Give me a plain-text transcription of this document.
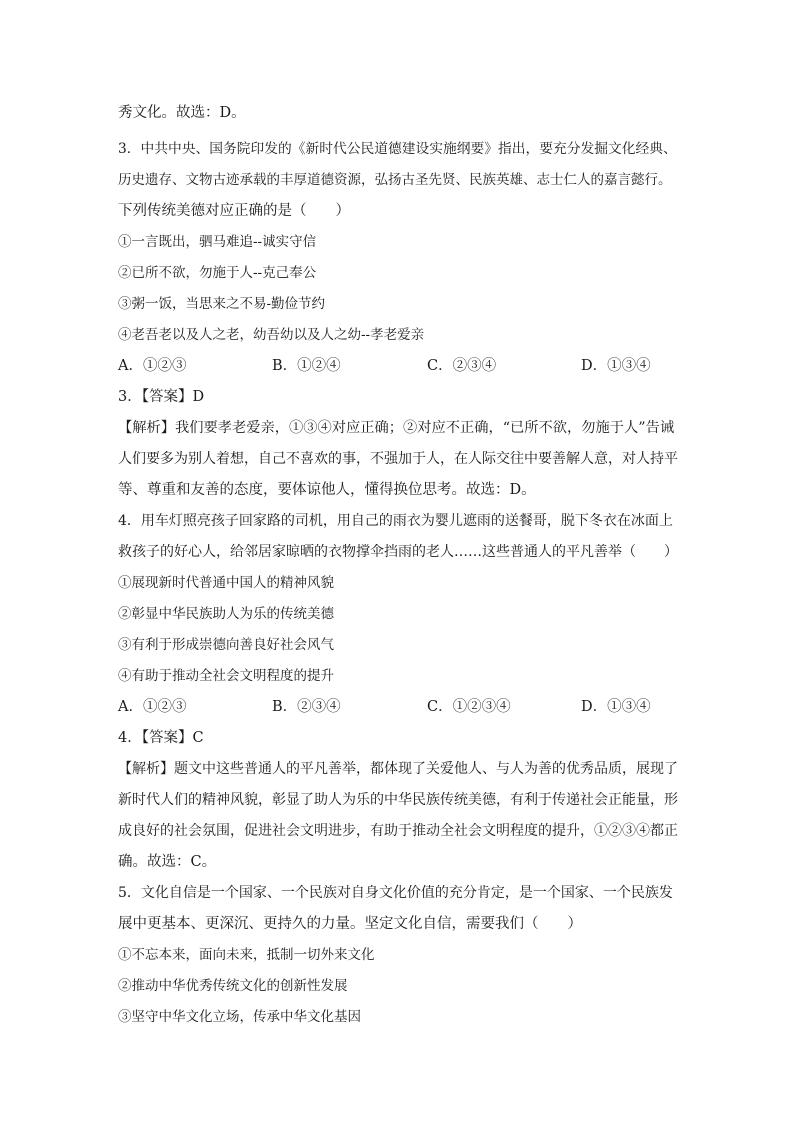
秀文化。故选：D。
3．中共中央、国务院印发的《新时代公民道德建设实施纲要》指出，要充分发掘文化经典、
历史遗存、文物古迹承载的丰厚道德资源，弘扬古圣先贤、民族英雄、志士仁人的嘉言懿行。
下列传统美德对应正确的是（　　）
①一言既出，驷马难追--诚实守信
②已所不欲，勿施于人--克己奉公
③粥一饭，当思来之不易-勤俭节约
④老吾老以及人之老，幼吾幼以及人之幼--孝老爱亲
A．①②③	B．①②④	C．②③④	D．①③④
3．【答案】D
【解析】我们要孝老爱亲，①③④对应正确；②对应不正确，“已所不欲，勿施于人”告诫
人们要多为别人着想，自己不喜欢的事，不强加于人，在人际交往中要善解人意，对人持平
等、尊重和友善的态度，要体谅他人，懂得换位思考。故选：D。
4．用车灯照亮孩子回家路的司机，用自己的雨衣为婴儿遮雨的送餐哥，脱下冬衣在冰面上
救孩子的好心人，给邻居家晾晒的衣物撑伞挡雨的老人……这些普通人的平凡善举（　　）
①展现新时代普通中国人的精神风貌
②彰显中华民族助人为乐的传统美德
③有利于形成崇德向善良好社会风气
④有助于推动全社会文明程度的提升
A．①②③	B．②③④	C．①②③④	D．①③④
4．【答案】C
【解析】题文中这些普通人的平凡善举，都体现了关爱他人、与人为善的优秀品质，展现了
新时代人们的精神风貌，彰显了助人为乐的中华民族传统美德，有利于传递社会正能量，形
成良好的社会氛围，促进社会文明进步，有助于推动全社会文明程度的提升，①②③④都正
确。故选：C。
5．文化自信是一个国家、一个民族对自身文化价值的充分肯定，是一个国家、一个民族发
展中更基本、更深沉、更持久的力量。坚定文化自信，需要我们（　　）
①不忘本来，面向未来，抵制一切外来文化
②推动中华优秀传统文化的创新性发展
③坚守中华文化立场，传承中华文化基因
